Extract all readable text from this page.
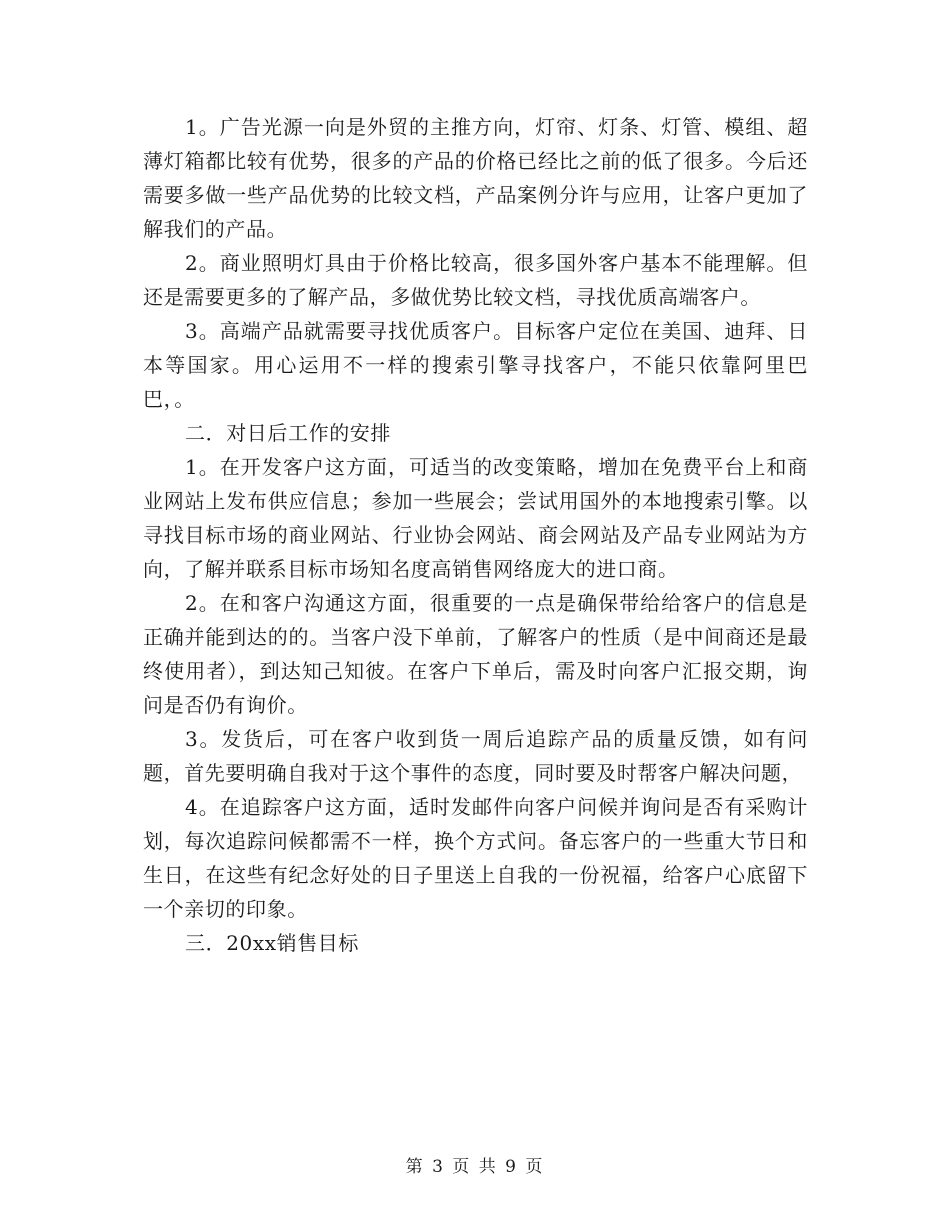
1。广告光源一向是外贸的主推方向，灯帘、灯条、灯管、模组、超薄灯箱都比较有优势，很多的产品的价格已经比之前的低了很多。今后还需要多做一些产品优势的比较文档，产品案例分许与应用，让客户更加了解我们的产品。

2。商业照明灯具由于价格比较高，很多国外客户基本不能理解。但还是需要更多的了解产品，多做优势比较文档，寻找优质高端客户。

3。高端产品就需要寻找优质客户。目标客户定位在美国、迪拜、日本等国家。用心运用不一样的搜索引擎寻找客户，不能只依靠阿里巴巴，。

二．对日后工作的安排

1。在开发客户这方面，可适当的改变策略，增加在免费平台上和商业网站上发布供应信息；参加一些展会；尝试用国外的本地搜索引擎。以寻找目标市场的商业网站、行业协会网站、商会网站及产品专业网站为方向，了解并联系目标市场知名度高销售网络庞大的进口商。

2。在和客户沟通这方面，很重要的一点是确保带给给客户的信息是正确并能到达的的。当客户没下单前，了解客户的性质（是中间商还是最终使用者），到达知己知彼。在客户下单后，需及时向客户汇报交期，询问是否仍有询价。

3。发货后，可在客户收到货一周后追踪产品的质量反馈，如有问题，首先要明确自我对于这个事件的态度，同时要及时帮客户解决问题，

4。在追踪客户这方面，适时发邮件向客户问候并询问是否有采购计划，每次追踪问候都需不一样，换个方式问。备忘客户的一些重大节日和生日，在这些有纪念好处的日子里送上自我的一份祝福，给客户心底留下一个亲切的印象。

三．20xx销售目标

第 3 页 共 9 页
